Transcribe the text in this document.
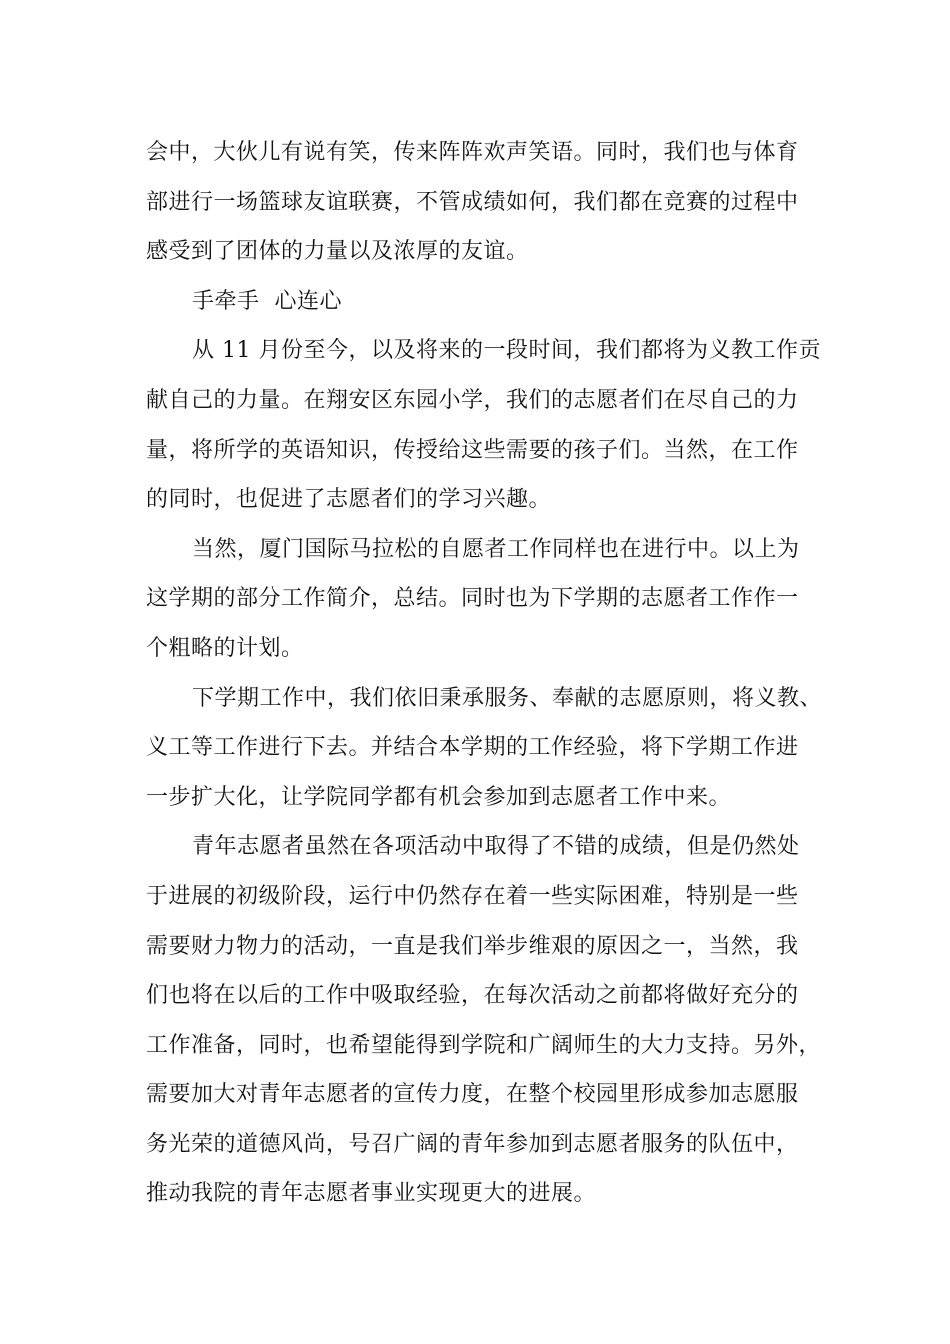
会中，大伙儿有说有笑，传来阵阵欢声笑语。同时，我们也与体育
部进行一场篮球友谊联赛，不管成绩如何，我们都在竞赛的过程中
感受到了团体的力量以及浓厚的友谊。
手牵手  心连心
从 11 月份至今，以及将来的一段时间，我们都将为义教工作贡
献自己的力量。在翔安区东园小学，我们的志愿者们在尽自己的力
量，将所学的英语知识，传授给这些需要的孩子们。当然，在工作
的同时，也促进了志愿者们的学习兴趣。
当然，厦门国际马拉松的自愿者工作同样也在进行中。以上为
这学期的部分工作简介，总结。同时也为下学期的志愿者工作作一
个粗略的计划。
下学期工作中，我们依旧秉承服务、奉献的志愿原则，将义教、
义工等工作进行下去。并结合本学期的工作经验，将下学期工作进
一步扩大化，让学院同学都有机会参加到志愿者工作中来。
青年志愿者虽然在各项活动中取得了不错的成绩，但是仍然处
于进展的初级阶段，运行中仍然存在着一些实际困难，特别是一些
需要财力物力的活动，一直是我们举步维艰的原因之一，当然，我
们也将在以后的工作中吸取经验，在每次活动之前都将做好充分的
工作准备，同时，也希望能得到学院和广阔师生的大力支持。另外，
需要加大对青年志愿者的宣传力度，在整个校园里形成参加志愿服
务光荣的道德风尚，号召广阔的青年参加到志愿者服务的队伍中，
推动我院的青年志愿者事业实现更大的进展。
